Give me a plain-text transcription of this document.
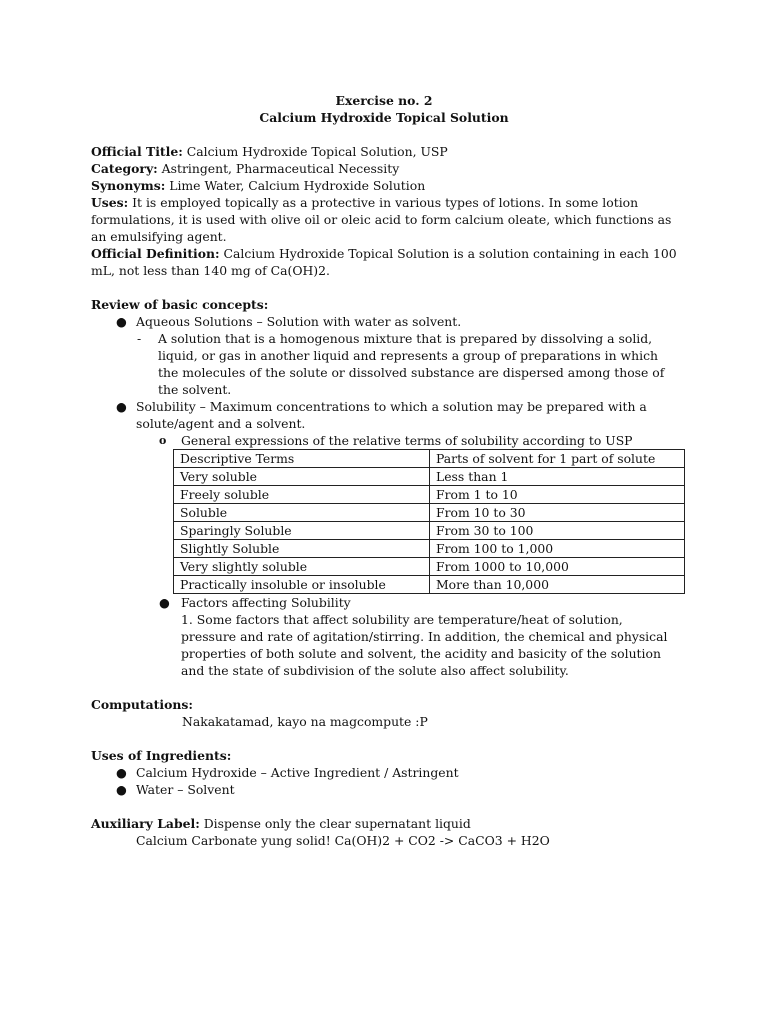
Exercise no. 2
Calcium Hydroxide Topical Solution

Official Title: Calcium Hydroxide Topical Solution, USP

Category: Astringent, Pharmaceutical Necessity

Synonyms: Lime Water, Calcium Hydroxide Solution

Uses: It is employed topically as a protective in various types of lotions. In some lotion formulations, it is used with olive oil or oleic acid to form calcium oleate, which functions as an emulsifying agent.

Official Definition: Calcium Hydroxide Topical Solution is a solution containing in each 100 mL, not less than 140 mg of Ca(OH)2.

Review of basic concepts:

● Aqueous Solutions – Solution with water as solvent.
- A solution that is a homogenous mixture that is prepared by dissolving a solid, liquid, or gas in another liquid and represents a group of preparations in which the molecules of the solute or dissolved substance are dispersed among those of the solvent.
● Solubility – Maximum concentrations to which a solution may be prepared with a solute/agent and a solvent.
o General expressions of the relative terms of solubility according to USP
Descriptive Terms	Parts of solvent for 1 part of solute
Very soluble	Less than 1
Freely soluble	From 1 to 10
Soluble	From 10 to 30
Sparingly Soluble	From 30 to 100
Slightly Soluble	From 100 to 1,000
Very slightly soluble	From 1000 to 10,000
Practically insoluble or insoluble	More than 10,000
● Factors affecting Solubility
1. Some factors that affect solubility are temperature/heat of solution, pressure and rate of agitation/stirring. In addition, the chemical and physical properties of both solute and solvent, the acidity and basicity of the solution and the state of subdivision of the solute also affect solubility.

Computations:

Nakakatamad, kayo na magcompute :P

Uses of Ingredients:

● Calcium Hydroxide – Active Ingredient / Astringent
● Water – Solvent

Auxiliary Label: Dispense only the clear supernatant liquid

Calcium Carbonate yung solid! Ca(OH)2 + CO2 -> CaCO3 + H2O
